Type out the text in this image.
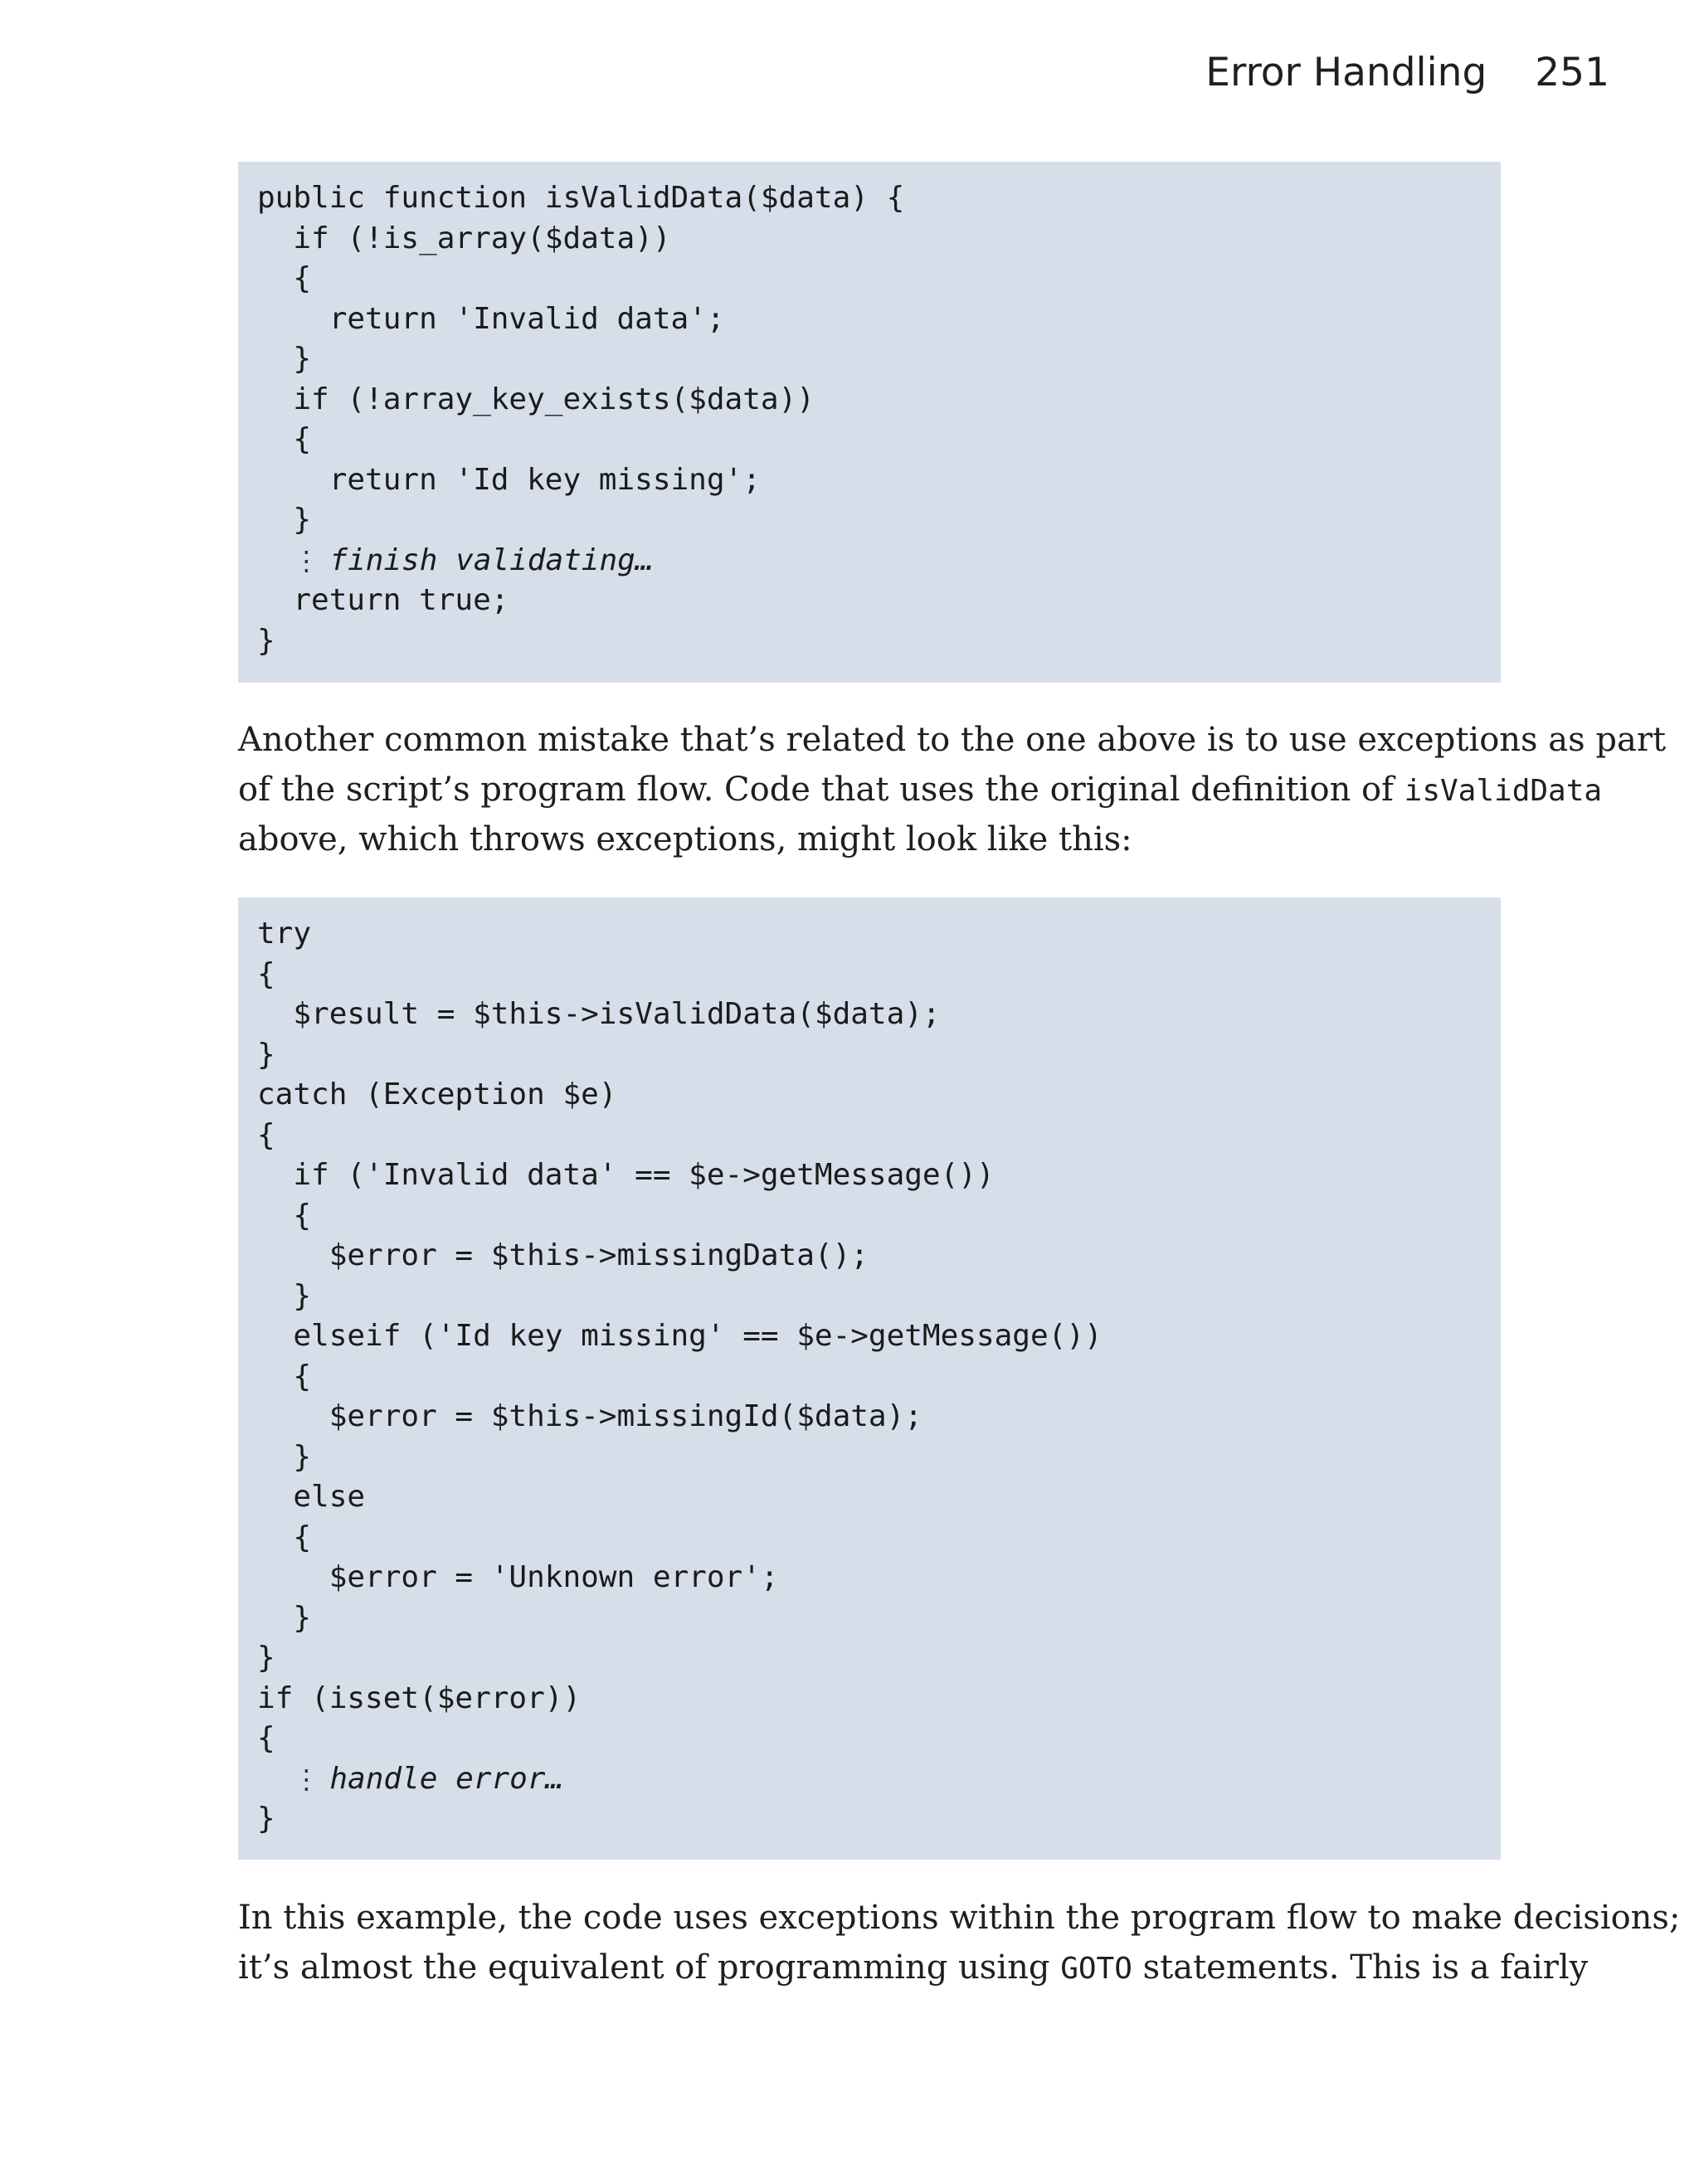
Error Handling 251
public function isValidData($data) {
if (!is_array($data))
{
return 'Invalid data';
}
if (!array_key_exists($data))
{
return 'Id key missing';
}
⋮ finish validating…
return true;
}
Another common mistake that’s related to the one above is to use exceptions as part
of the script’s program flow. Code that uses the original definition of isValidData
above, which throws exceptions, might look like this:
try
{
$result = $this->isValidData($data);
}
catch (Exception $e)
{
if ('Invalid data' == $e->getMessage())
{
$error = $this->missingData();
}
elseif ('Id key missing' == $e->getMessage())
{
$error = $this->missingId($data);
}
else
{
$error = 'Unknown error';
}
}
if (isset($error))
{
⋮ handle error…
}
In this example, the code uses exceptions within the program flow to make decisions;
it’s almost the equivalent of programming using GOTO statements. This is a fairly
